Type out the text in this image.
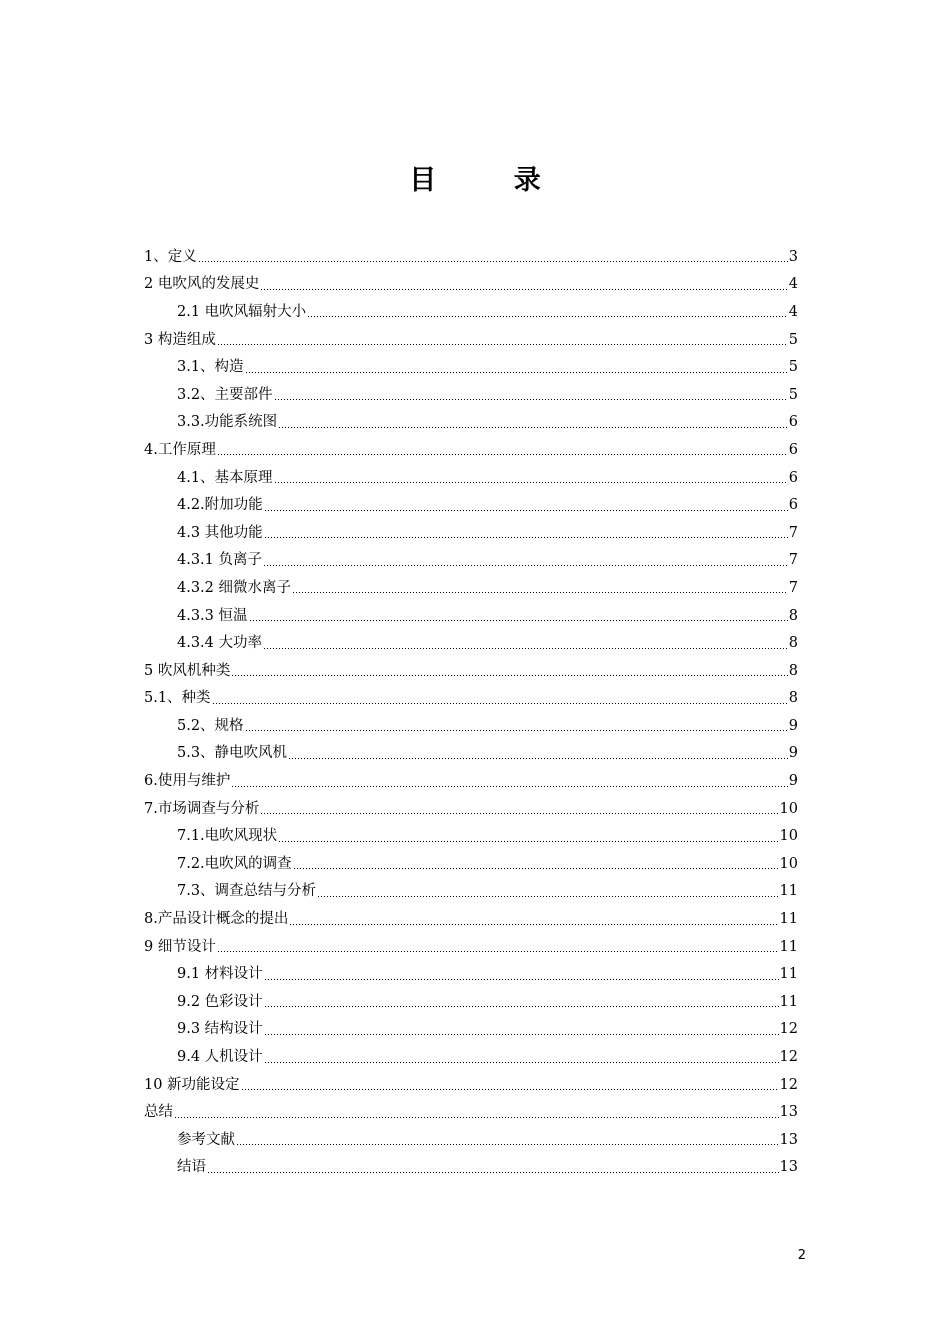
目 录
1、定义	3
2 电吹风的发展史	4
2.1 电吹风辐射大小	4
3 构造组成	5
3.1、构造	5
3.2、主要部件	5
3.3.功能系统图	6
4.工作原理	6
4.1、基本原理	6
4.2.附加功能	6
4.3 其他功能	7
4.3.1 负离子	7
4.3.2 细微水离子	7
4.3.3 恒温	8
4.3.4 大功率	8
5 吹风机种类	8
5.1、种类	8
5.2、规格	9
5.3、静电吹风机	9
6.使用与维护	9
7.市场调查与分析	10
7.1.电吹风现状	10
7.2.电吹风的调查	10
7.3、调查总结与分析	11
8.产品设计概念的提出	11
9 细节设计	11
9.1 材料设计	11
9.2 色彩设计	11
9.3 结构设计	12
9.4 人机设计	12
10 新功能设定	12
总结	13
参考文献	13
结语	13
2
